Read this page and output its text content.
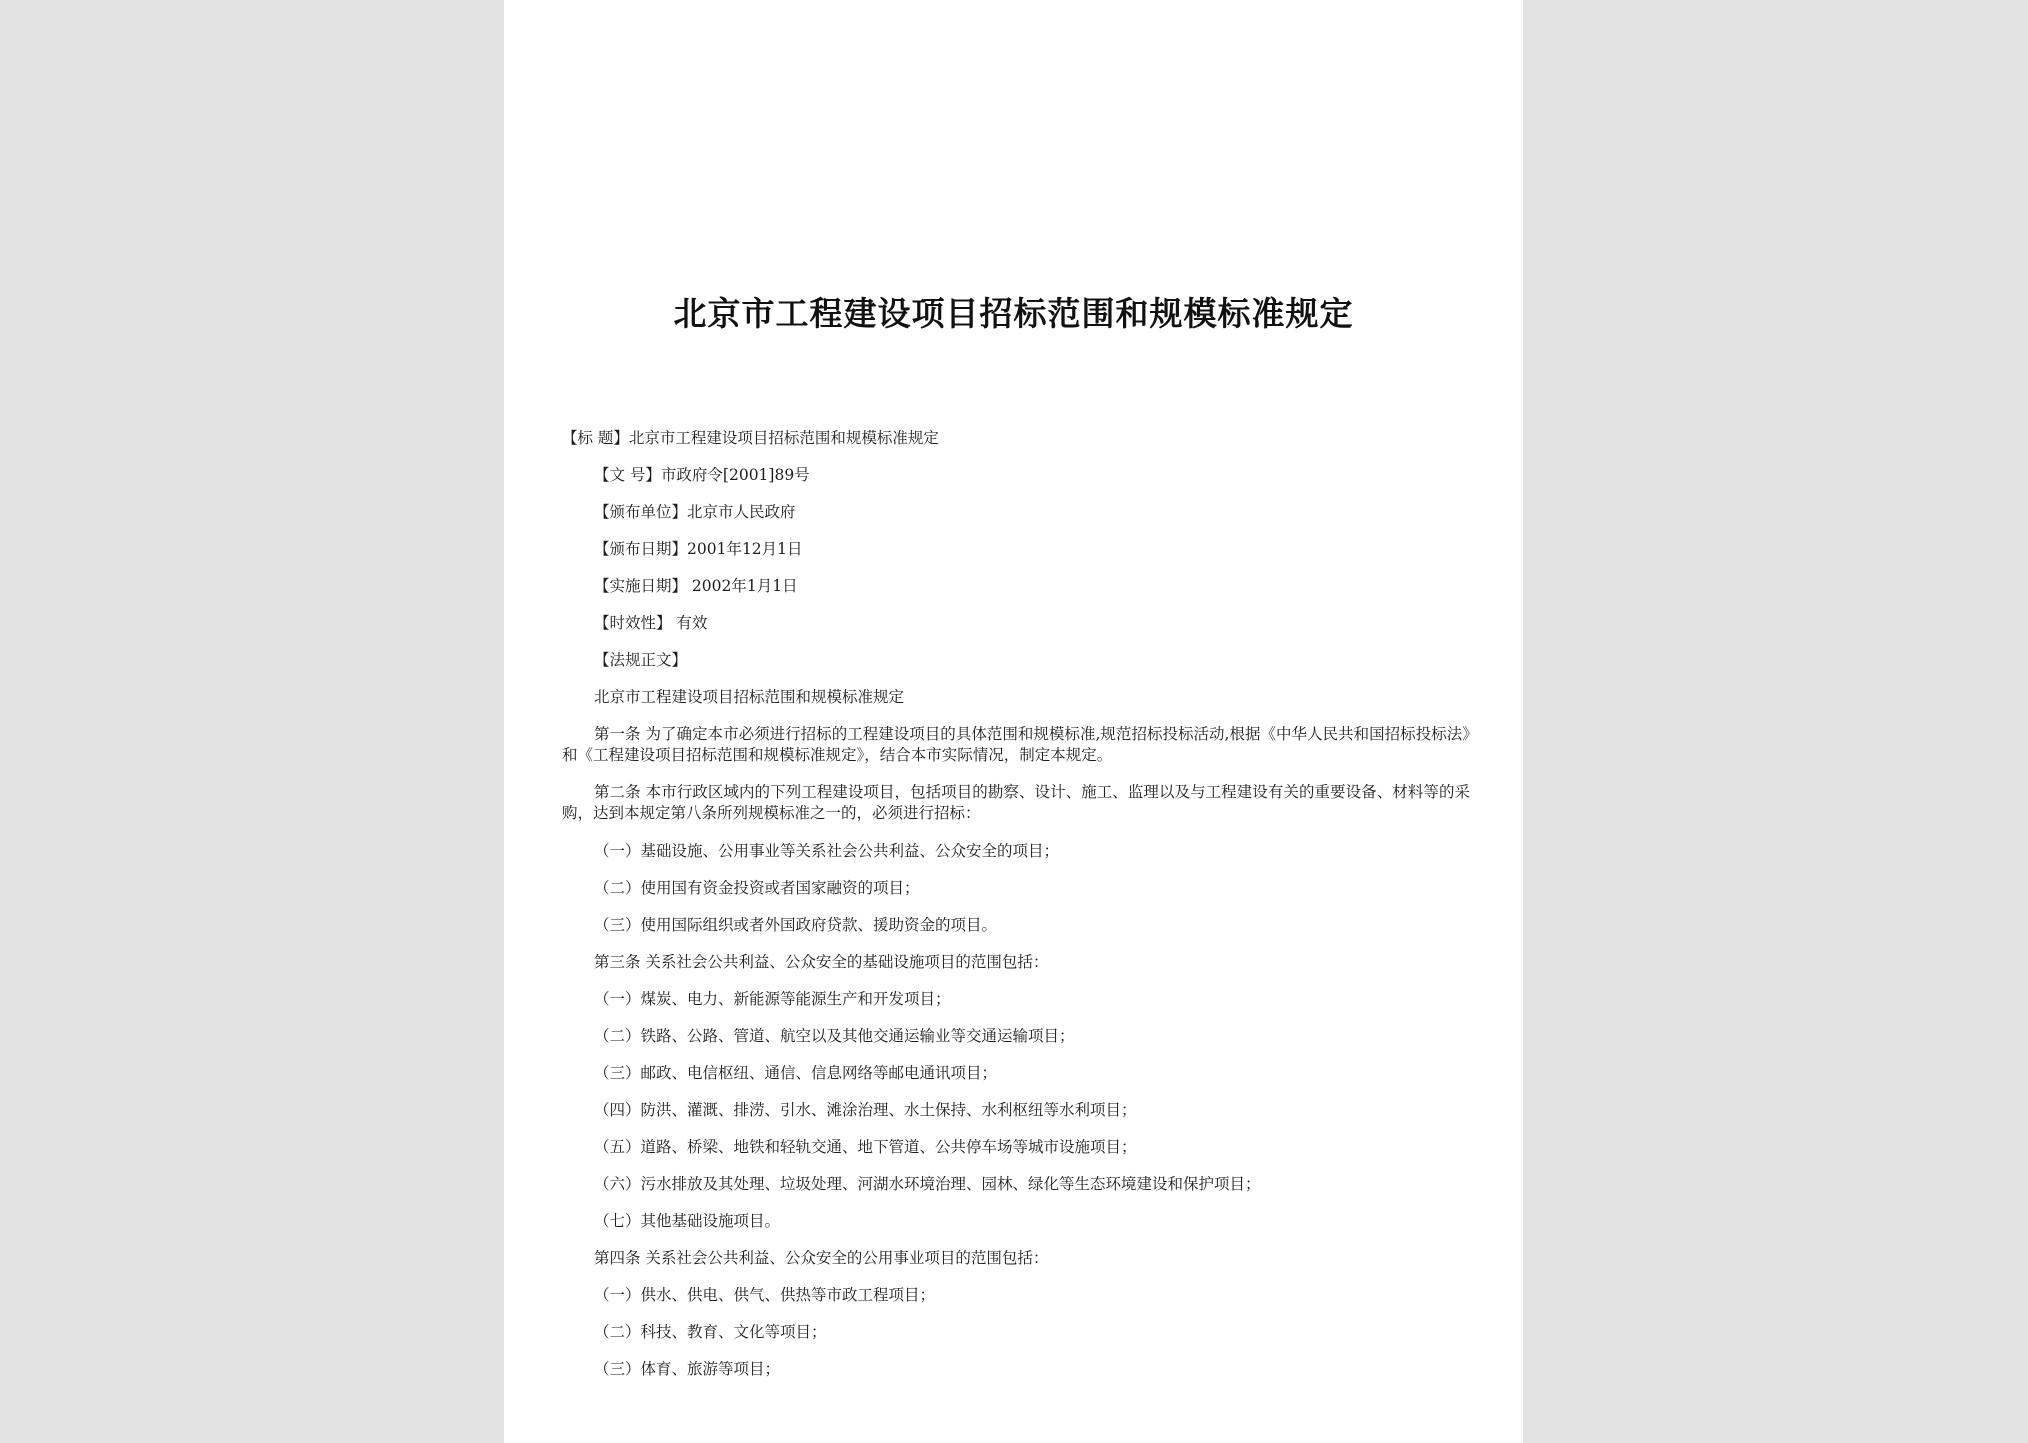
北京市工程建设项目招标范围和规模标准规定
【标 题】北京市工程建设项目招标范围和规模标准规定
【文 号】市政府令[2001]89号
【颁布单位】北京市人民政府
【颁布日期】2001年12月1日
【实施日期】 2002年1月1日
【时效性】 有效
【法规正文】
北京市工程建设项目招标范围和规模标准规定
第一条 为了确定本市必须进行招标的工程建设项目的具体范围和规模标准,规范招标投标活动,根据《中华人民共和国招标投标法》和《工程建设项目招标范围和规模标准规定》，结合本市实际情况，制定本规定。
第二条 本市行政区域内的下列工程建设项目，包括项目的勘察、设计、施工、监理以及与工程建设有关的重要设备、材料等的采购，达到本规定第八条所列规模标准之一的，必须进行招标：
（一）基础设施、公用事业等关系社会公共利益、公众安全的项目；
（二）使用国有资金投资或者国家融资的项目；
（三）使用国际组织或者外国政府贷款、援助资金的项目。
第三条 关系社会公共利益、公众安全的基础设施项目的范围包括：
（一）煤炭、电力、新能源等能源生产和开发项目；
（二）铁路、公路、管道、航空以及其他交通运输业等交通运输项目；
（三）邮政、电信枢纽、通信、信息网络等邮电通讯项目；
（四）防洪、灌溉、排涝、引水、滩涂治理、水土保持、水利枢纽等水利项目；
（五）道路、桥梁、地铁和轻轨交通、地下管道、公共停车场等城市设施项目；
（六）污水排放及其处理、垃圾处理、河湖水环境治理、园林、绿化等生态环境建设和保护项目；
（七）其他基础设施项目。
第四条 关系社会公共利益、公众安全的公用事业项目的范围包括：
（一）供水、供电、供气、供热等市政工程项目；
（二）科技、教育、文化等项目；
（三）体育、旅游等项目；
